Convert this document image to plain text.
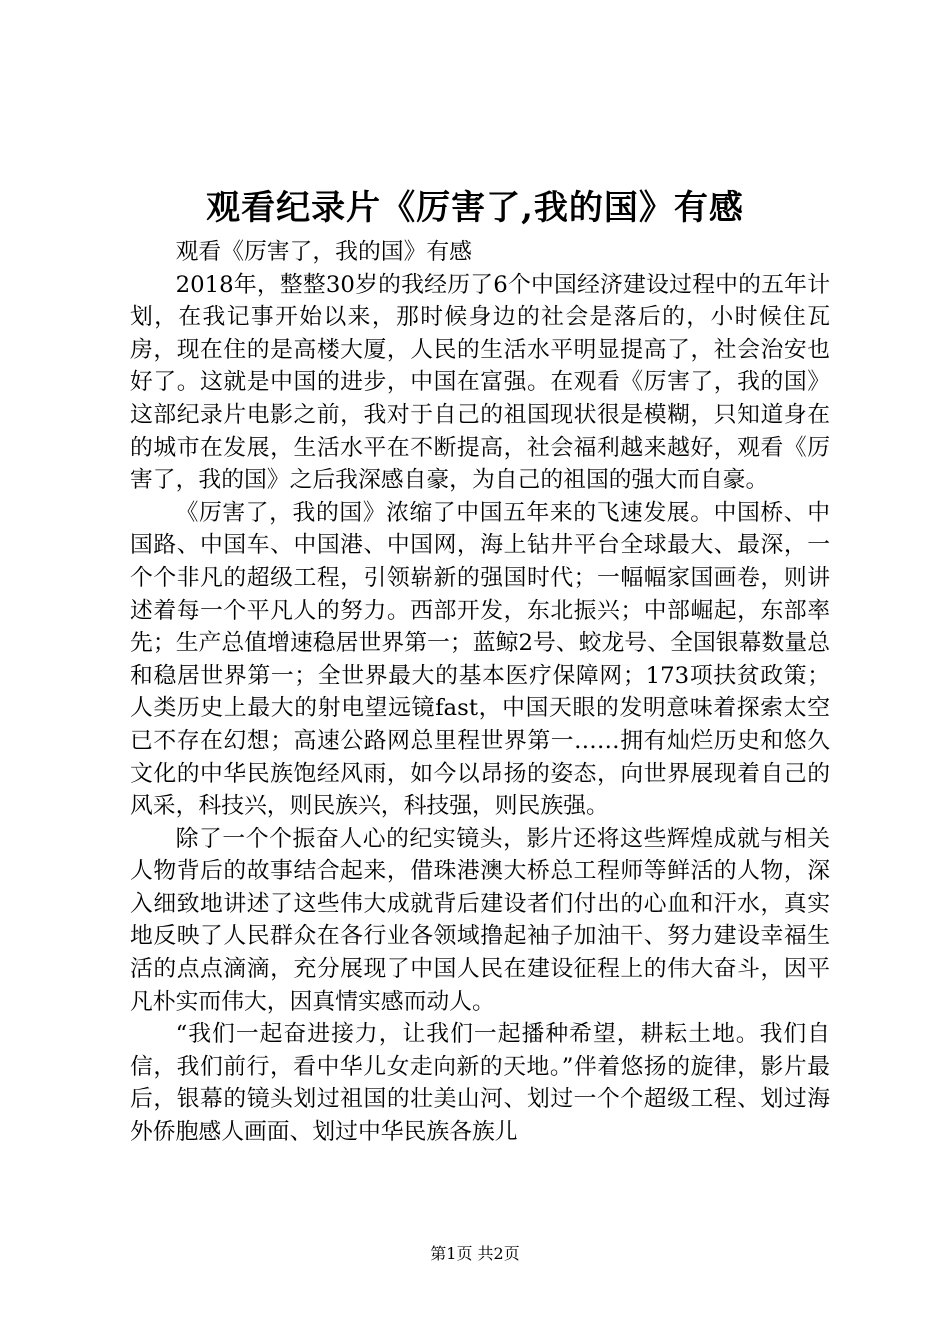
观看纪录片《厉害了,我的国》有感

观看《厉害了，我的国》有感

2018年，整整30岁的我经历了6个中国经济建设过程中的五年计划，在我记事开始以来，那时候身边的社会是落后的，小时候住瓦房，现在住的是高楼大厦，人民的生活水平明显提高了，社会治安也好了。这就是中国的进步，中国在富强。在观看《厉害了，我的国》这部纪录片电影之前，我对于自己的祖国现状很是模糊，只知道身在的城市在发展，生活水平在不断提高，社会福利越来越好，观看《厉害了，我的国》之后我深感自豪，为自己的祖国的强大而自豪。

《厉害了，我的国》浓缩了中国五年来的飞速发展。中国桥、中国路、中国车、中国港、中国网，海上钻井平台全球最大、最深，一个个非凡的超级工程，引领崭新的强国时代；一幅幅家国画卷，则讲述着每一个平凡人的努力。西部开发，东北振兴；中部崛起，东部率先；生产总值增速稳居世界第一；蓝鲸2号、蛟龙号、全国银幕数量总和稳居世界第一；全世界最大的基本医疗保障网；173项扶贫政策；人类历史上最大的射电望远镜fast，中国天眼的发明意味着探索太空已不存在幻想；高速公路网总里程世界第一……拥有灿烂历史和悠久文化的中华民族饱经风雨，如今以昂扬的姿态，向世界展现着自己的风采，科技兴，则民族兴，科技强，则民族强。

除了一个个振奋人心的纪实镜头，影片还将这些辉煌成就与相关人物背后的故事结合起来，借珠港澳大桥总工程师等鲜活的人物，深入细致地讲述了这些伟大成就背后建设者们付出的心血和汗水，真实地反映了人民群众在各行业各领域撸起袖子加油干、努力建设幸福生活的点点滴滴，充分展现了中国人民在建设征程上的伟大奋斗，因平凡朴实而伟大，因真情实感而动人。

“我们一起奋进接力，让我们一起播种希望，耕耘土地。我们自信，我们前行，看中华儿女走向新的天地。”伴着悠扬的旋律，影片最后，银幕的镜头划过祖国的壮美山河、划过一个个超级工程、划过海外侨胞感人画面、划过中华民族各族儿

第1页 共2页
